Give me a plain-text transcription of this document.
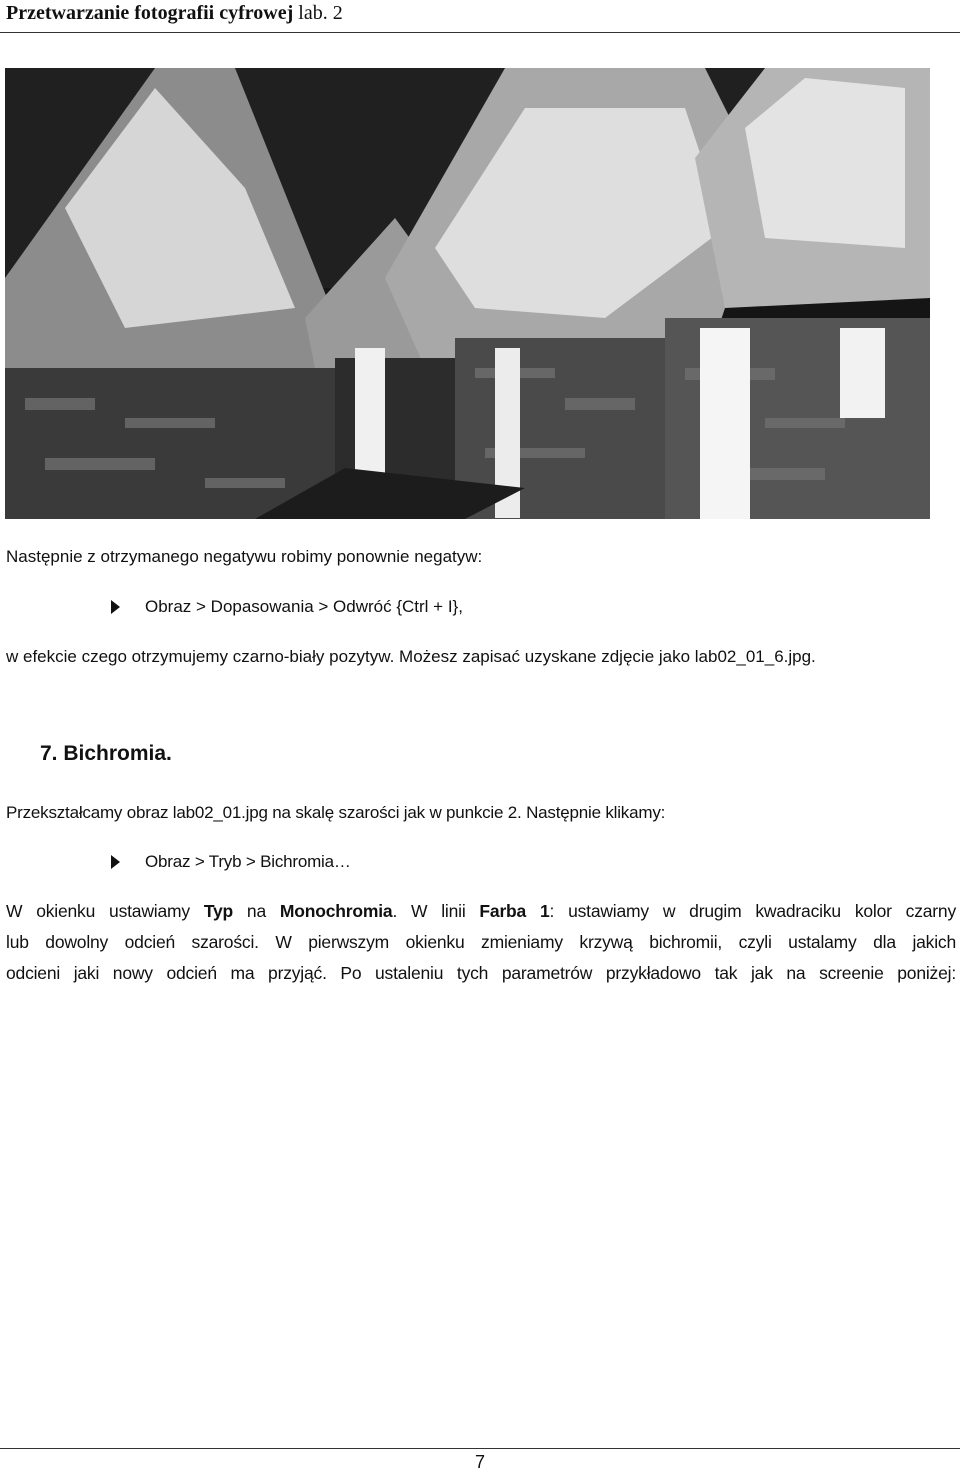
Przetwarzanie fotografii cyfrowej lab. 2
Następnie z otrzymanego negatywu robimy ponownie negatyw:
Obraz > Dopasowania > Odwróć {Ctrl + I},
w efekcie czego otrzymujemy czarno-biały pozytyw. Możesz zapisać uzyskane zdjęcie jako lab02_01_6.jpg.
7. Bichromia.
Przekształcamy obraz lab02_01.jpg na skalę szarości jak w punkcie 2. Następnie klikamy:
Obraz > Tryb > Bichromia…
W okienku ustawiamy Typ na Monochromia. W linii Farba 1: ustawiamy w drugim kwadraciku kolor czarny
lub dowolny odcień szarości. W pierwszym okienku zmieniamy krzywą bichromii, czyli ustalamy dla jakich
odcieni jaki nowy odcień ma przyjąć. Po ustaleniu tych parametrów przykładowo tak jak na screenie poniżej:
7
